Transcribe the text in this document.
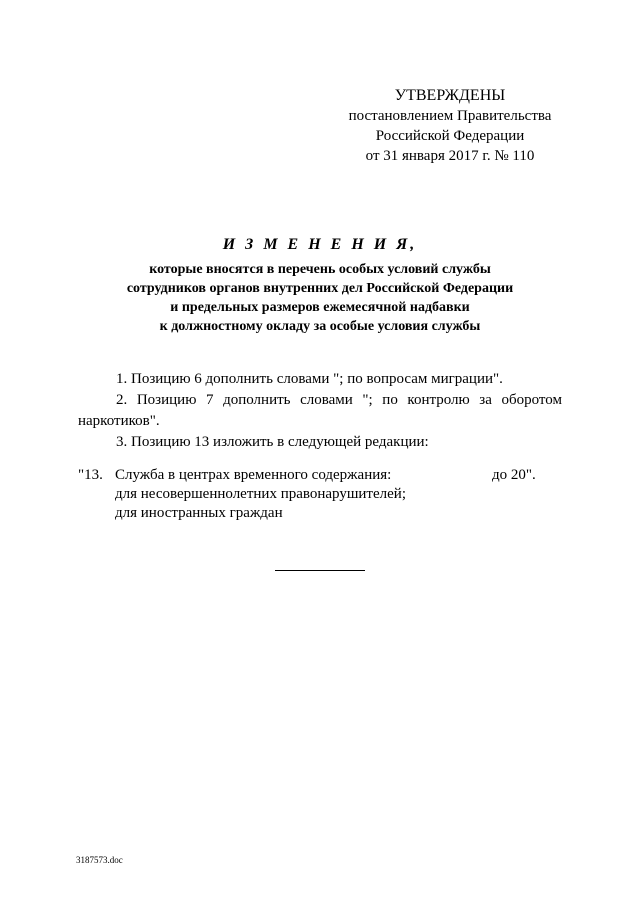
УТВЕРЖДЕНЫ
постановлением Правительства
Российской Федерации
от 31 января 2017 г. № 110
И З М Е Н Е Н И Я,
которые вносятся в перечень особых условий службы
сотрудников органов внутренних дел Российской Федерации
и предельных размеров ежемесячной надбавки
к должностному окладу за особые условия службы
1. Позицию 6 дополнить словами "; по вопросам миграции".
2. Позицию 7 дополнить словами "; по контролю за оборотом
наркотиков".
3. Позицию 13 изложить в следующей редакции:
"13. Служба в центрах временного содержания:	до 20".
для несовершеннолетних правонарушителей;
для иностранных граждан
3187573.doc
